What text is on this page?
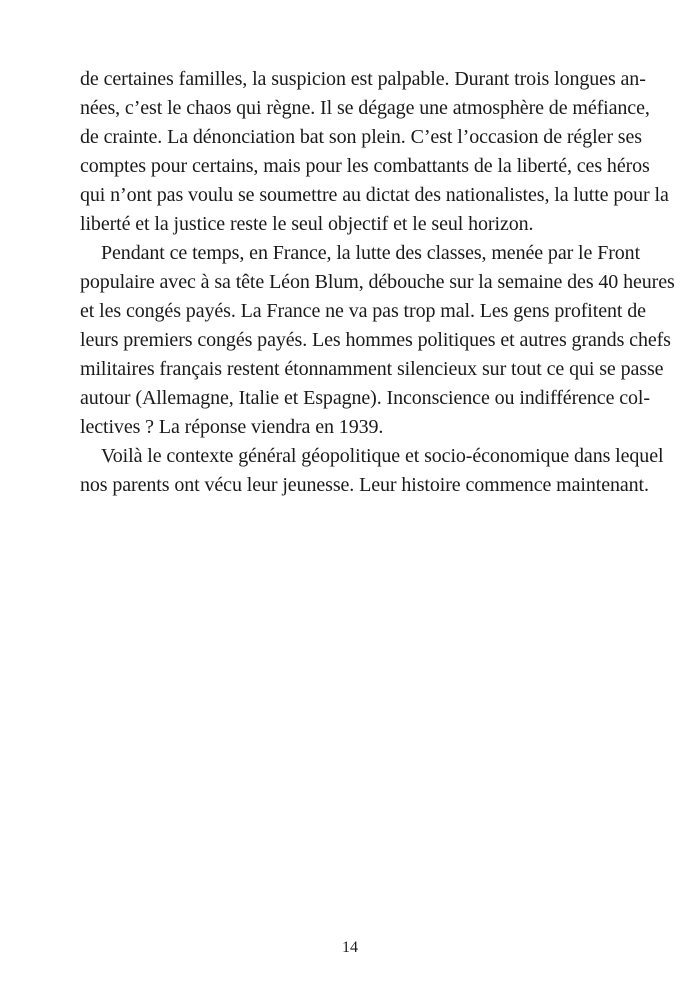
de certaines familles, la suspicion est palpable. Durant trois longues an-
nées, c’est le chaos qui règne. Il se dégage une atmosphère de méfiance,
de crainte. La dénonciation bat son plein. C’est l’occasion de régler ses
comptes pour certains, mais pour les combattants de la liberté, ces héros
qui n’ont pas voulu se soumettre au dictat des nationalistes, la lutte pour la
liberté et la justice reste le seul objectif et le seul horizon.
Pendant ce temps, en France, la lutte des classes, menée par le Front
populaire avec à sa tête Léon Blum, débouche sur la semaine des 40 heures
et les congés payés. La France ne va pas trop mal. Les gens profitent de
leurs premiers congés payés. Les hommes politiques et autres grands chefs
militaires français restent étonnamment silencieux sur tout ce qui se passe
autour (Allemagne, Italie et Espagne). Inconscience ou indifférence col-
lectives ? La réponse viendra en 1939.
Voilà le contexte général géopolitique et socio-économique dans lequel
nos parents ont vécu leur jeunesse. Leur histoire commence maintenant.
14
